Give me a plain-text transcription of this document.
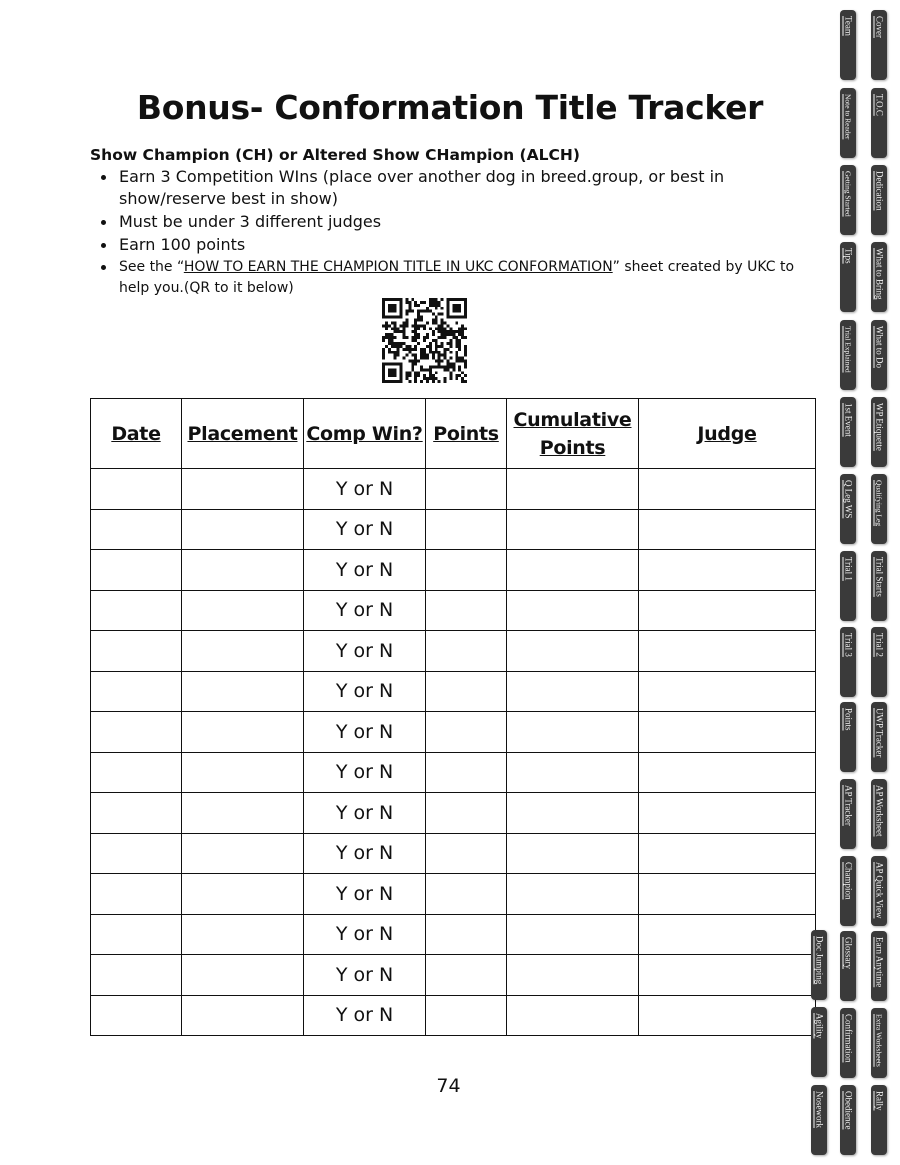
Bonus- Conformation Title Tracker
Show Champion (CH) or Altered Show CHampion (ALCH)
Earn 3 Competition WIns (place over another dog in breed.group, or best in show/reserve best in show)
Must be under 3 different judges
Earn 100 points
See the “HOW TO EARN THE CHAMPION TITLE IN UKC CONFORMATION” sheet created by UKC to help you.(QR to it below)
Date	Placement	Comp Win?	Points	Cumulative Points	Judge
		Y or N			
		Y or N			
		Y or N			
		Y or N			
		Y or N			
		Y or N			
		Y or N			
		Y or N			
		Y or N			
		Y or N			
		Y or N			
		Y or N			
		Y or N			
		Y or N			
74
Cover
T.O.C
Dedication
What to Bring
What to Do
WP Etiquette
Qualifying Leg
Trial Starts
Trial 2
UWP Tracker
AP Worksheet
AP Quick View
Earn Anytime
Extra Worksheets
Rally
Team
Note to Reader
Getting Started
Tips
Trial Explained
1st Event
Q Leg WS
Trial 1
Trial 3
Points
AP Tracker
Champion
Glossary
Confirmation
Obedience
Doc Jumping
Agility
Nosework
